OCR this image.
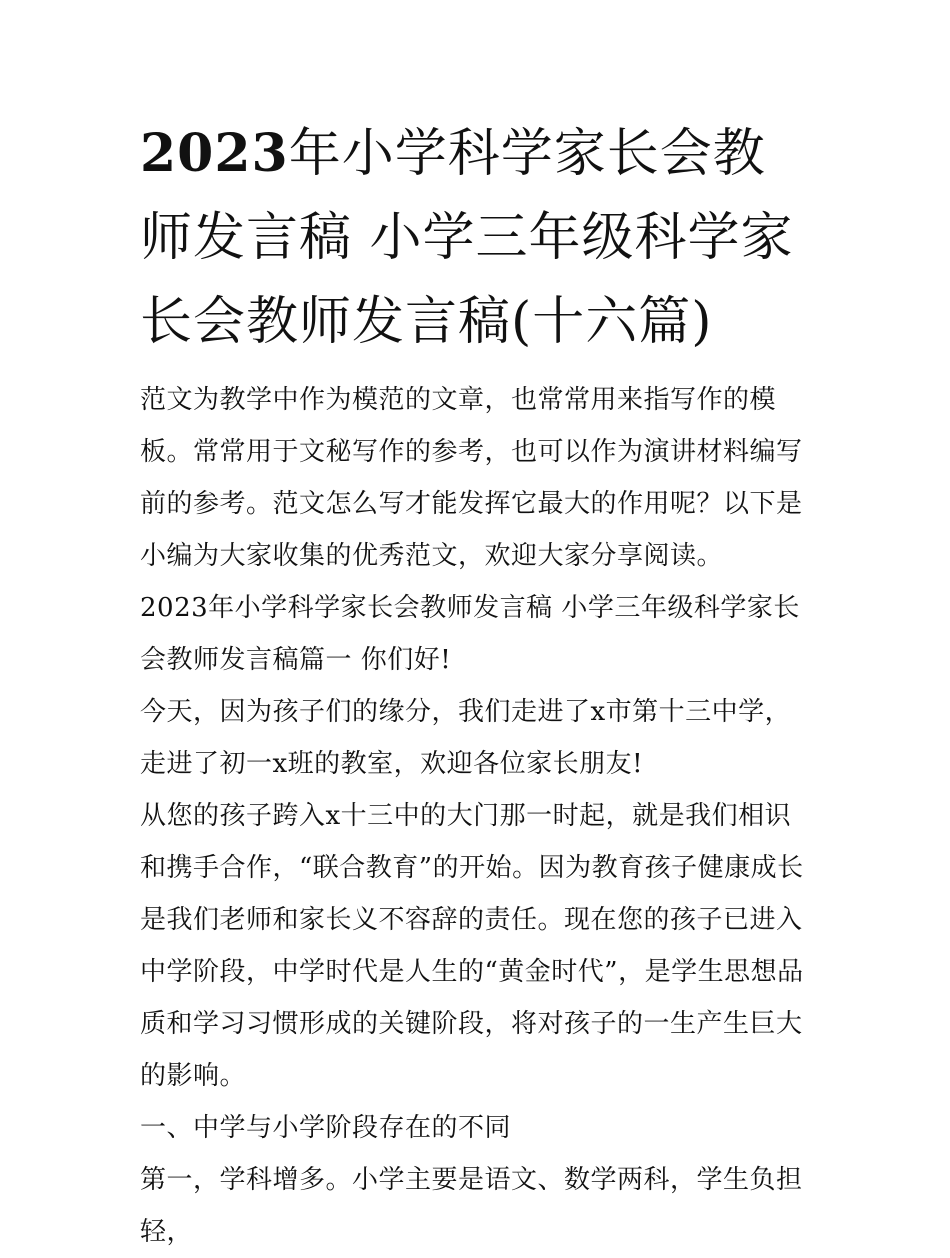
2023年小学科学家长会教师发言稿 小学三年级科学家长会教师发言稿(十六篇)

范文为教学中作为模范的文章，也常常用来指写作的模板。常常用于文秘写作的参考，也可以作为演讲材料编写前的参考。范文怎么写才能发挥它最大的作用呢？以下是小编为大家收集的优秀范文，欢迎大家分享阅读。

2023年小学科学家长会教师发言稿 小学三年级科学家长会教师发言稿篇一 你们好!

今天，因为孩子们的缘分，我们走进了x市第十三中学，走进了初一x班的教室，欢迎各位家长朋友!

从您的孩子跨入x十三中的大门那一时起，就是我们相识和携手合作，“联合教育”的开始。因为教育孩子健康成长是我们老师和家长义不容辞的责任。现在您的孩子已进入中学阶段，中学时代是人生的“黄金时代”，是学生思想品质和学习习惯形成的关键阶段，将对孩子的一生产生巨大的影响。

一、中学与小学阶段存在的不同

第一，学科增多。小学主要是语文、数学两科，学生负担轻，
